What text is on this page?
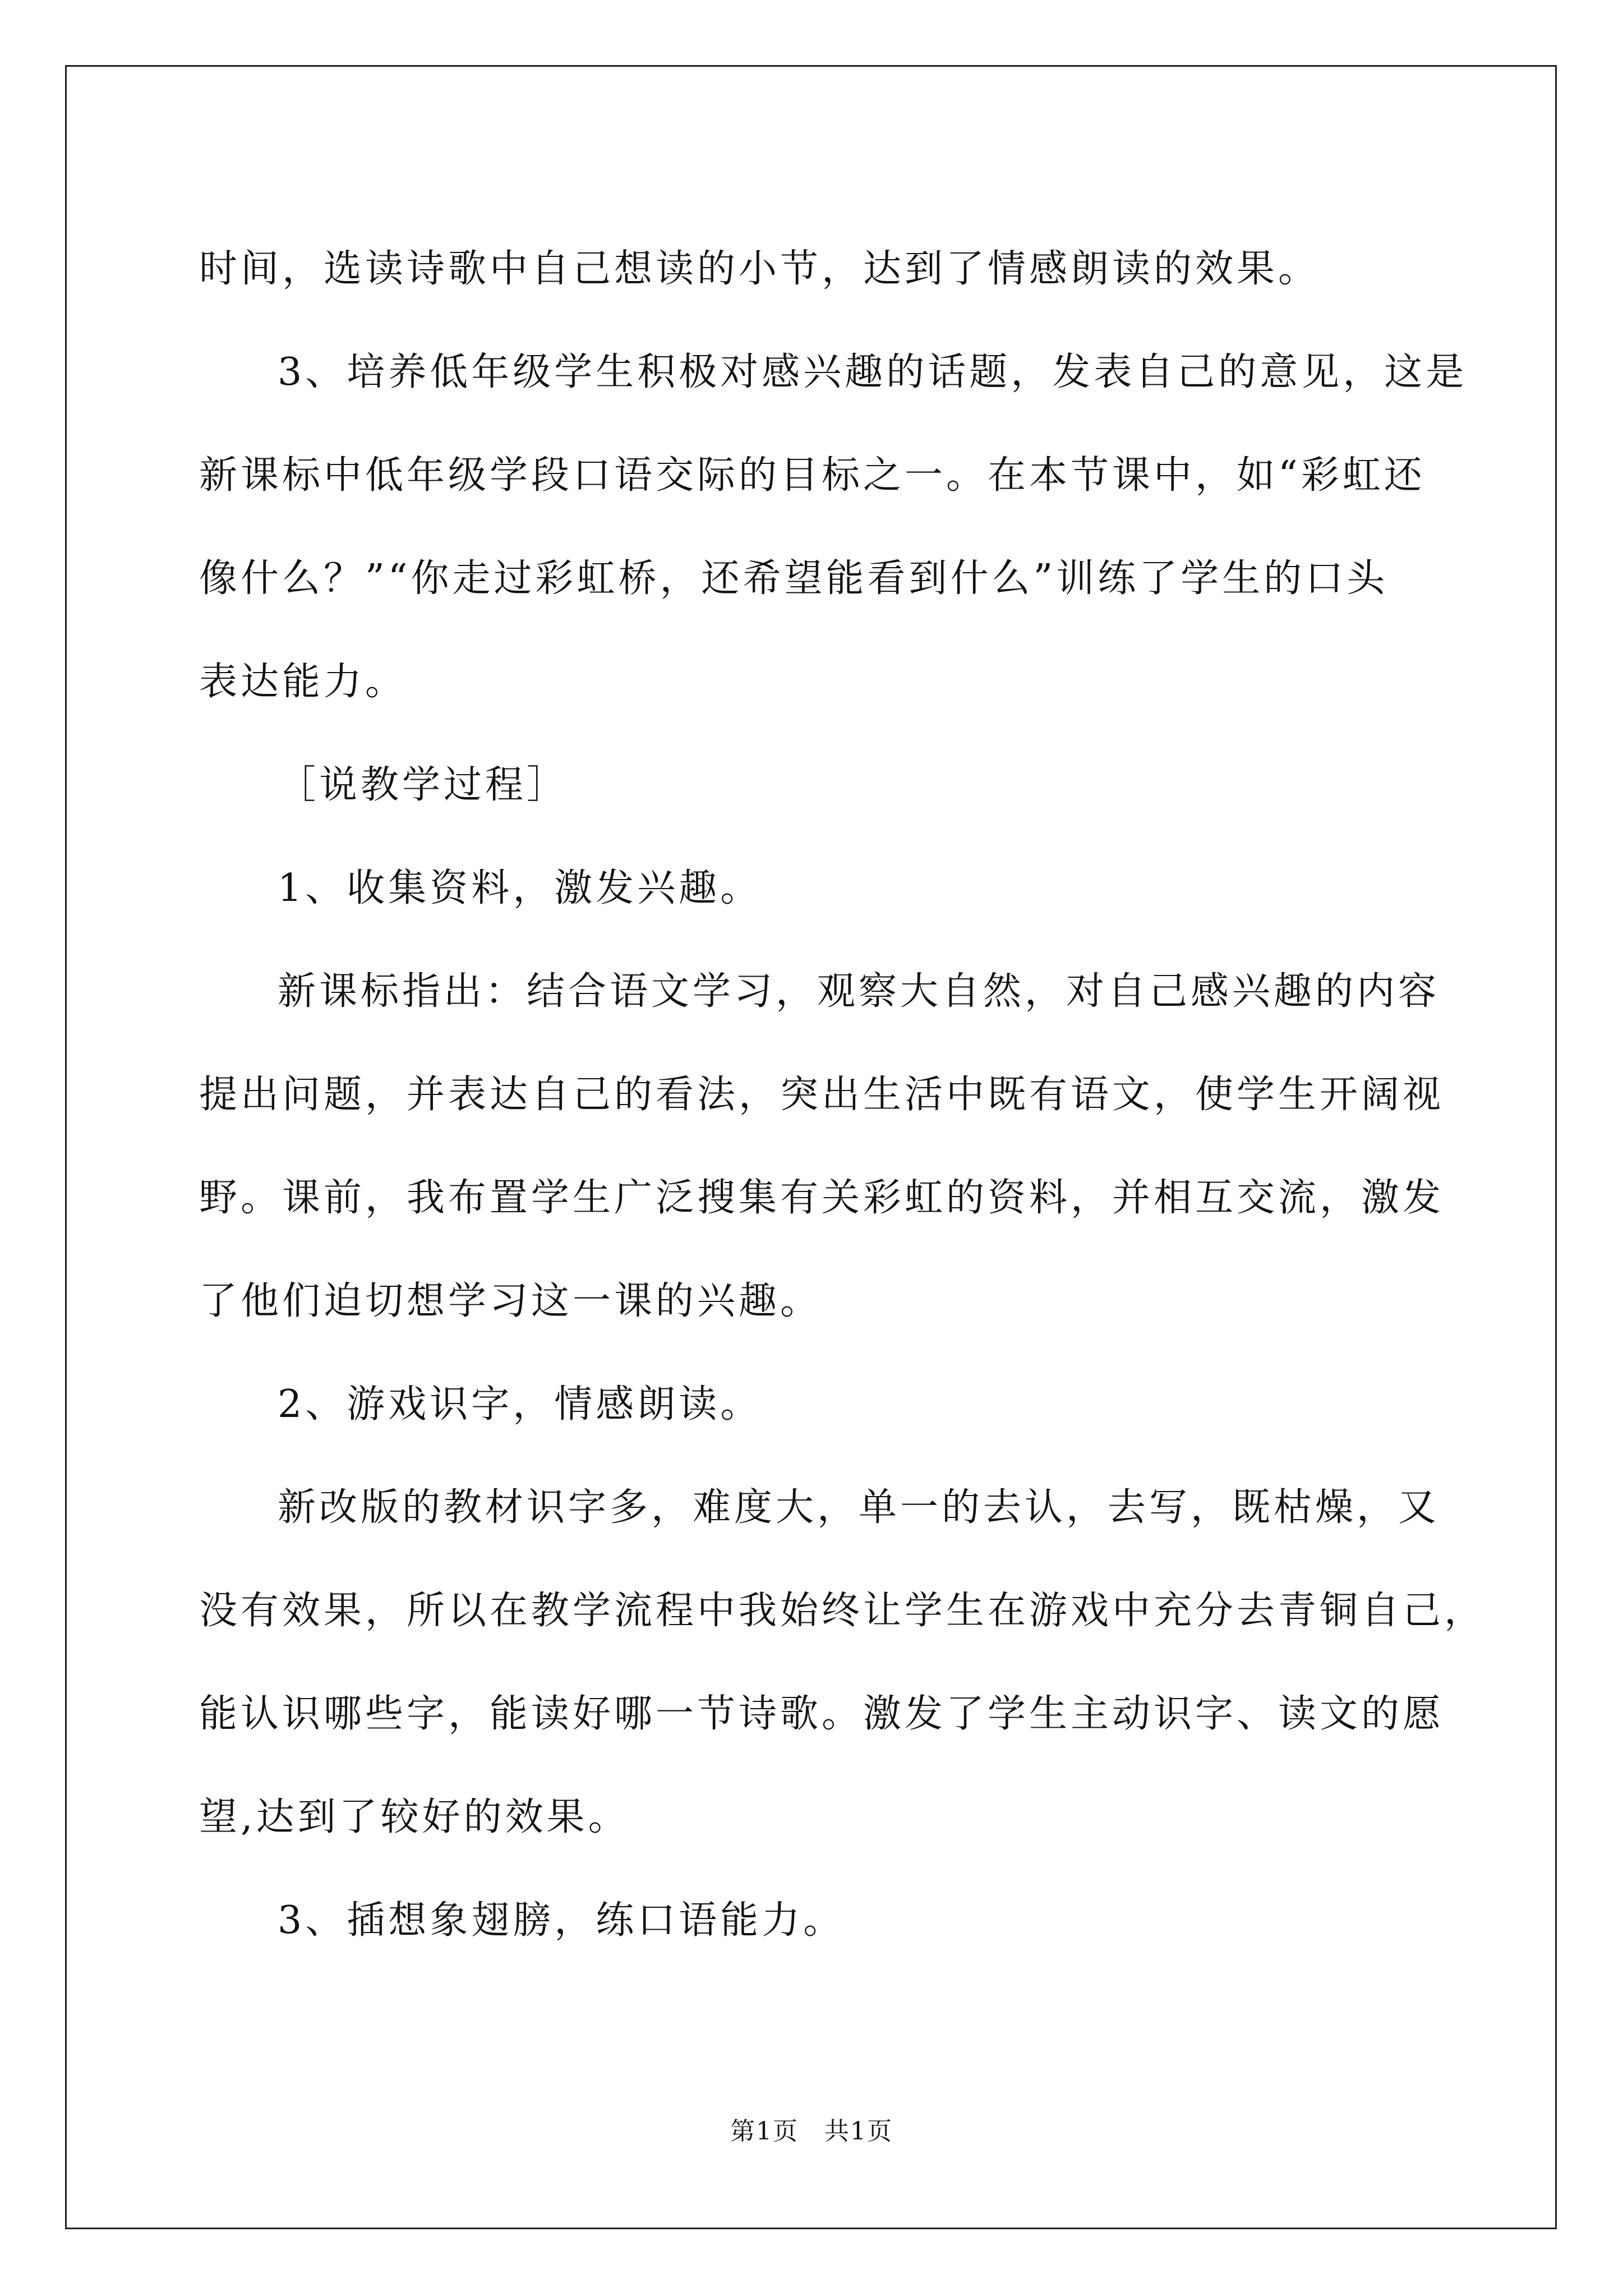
时间，选读诗歌中自己想读的小节，达到了情感朗读的效果。

3、培养低年级学生积极对感兴趣的话题，发表自己的意见，这是

新课标中低年级学段口语交际的目标之一。在本节课中，如“彩虹还

像什么？”“你走过彩虹桥，还希望能看到什么”训练了学生的口头

表达能力。

［说教学过程］

1、收集资料，激发兴趣。

新课标指出：结合语文学习，观察大自然，对自己感兴趣的内容

提出问题，并表达自己的看法，突出生活中既有语文，使学生开阔视

野。课前，我布置学生广泛搜集有关彩虹的资料，并相互交流，激发

了他们迫切想学习这一课的兴趣。

2、游戏识字，情感朗读。

新改版的教材识字多，难度大，单一的去认，去写，既枯燥，又

没有效果，所以在教学流程中我始终让学生在游戏中充分去青铜自己，

能认识哪些字，能读好哪一节诗歌。激发了学生主动识字、读文的愿

望,达到了较好的效果。

3、插想象翅膀，练口语能力。

第1页 共1页
